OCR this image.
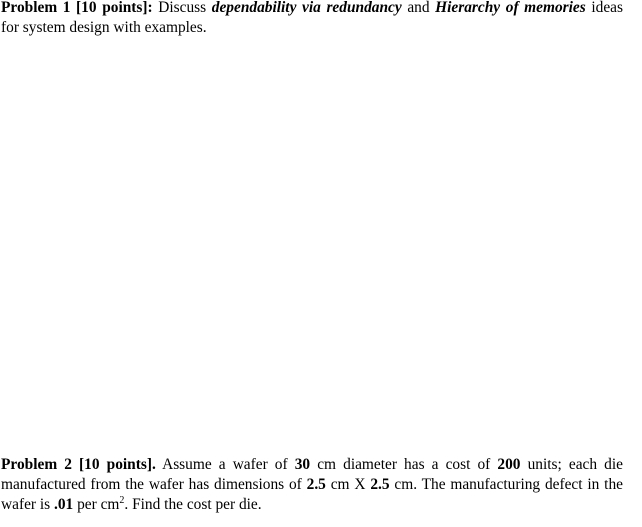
Problem 1 [10 points]: Discuss dependability via redundancy and Hierarchy of memories ideas for system design with examples.

Problem 2 [10 points]. Assume a wafer of 30 cm diameter has a cost of 200 units; each die manufactured from the wafer has dimensions of 2.5 cm X 2.5 cm. The manufacturing defect in the wafer is .01 per $cm^2$. Find the cost per die.
